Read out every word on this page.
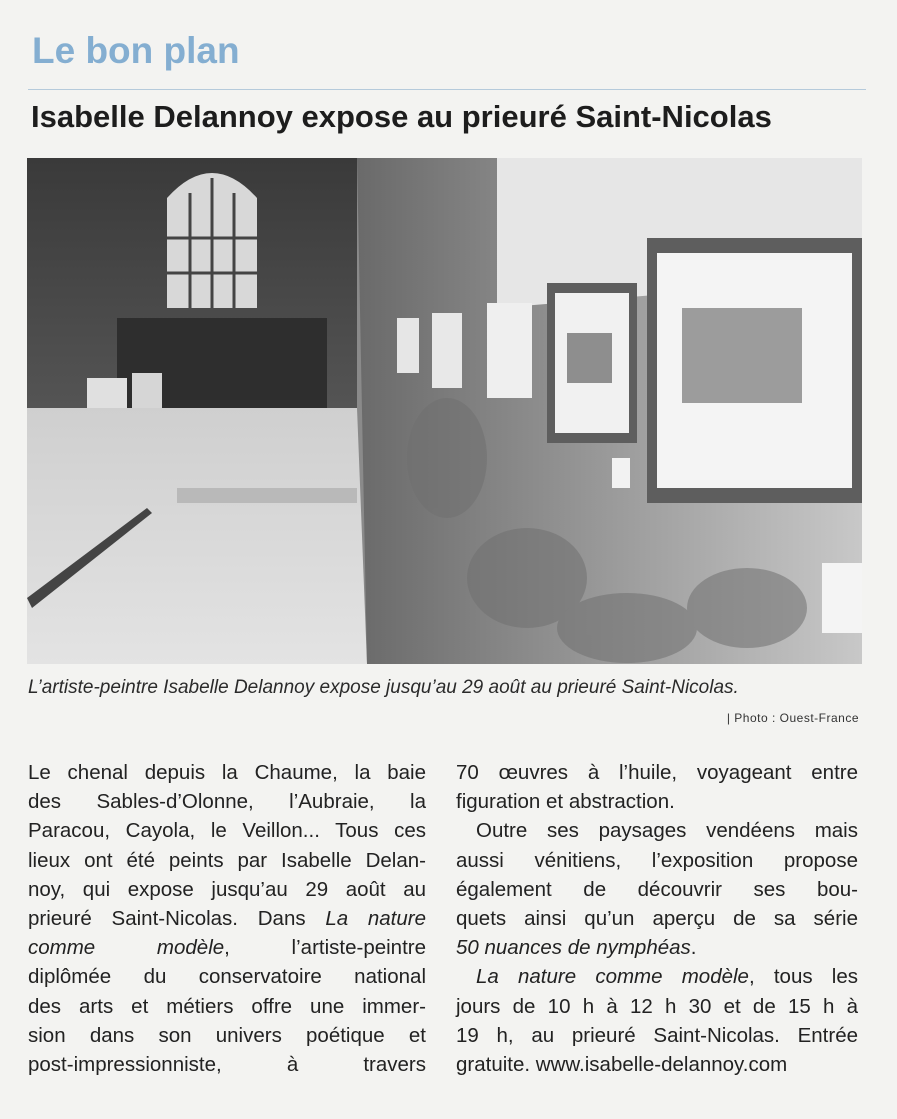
Le bon plan
Isabelle Delannoy expose au prieuré Saint-Nicolas
L’artiste-peintre Isabelle Delannoy expose jusqu’au 29 août au prieuré Saint-Nicolas.
| Photo : Ouest-France
Le chenal depuis la Chaume, la baie
des Sables-d’Olonne, l’Aubraie, la
Paracou, Cayola, le Veillon... Tous ces
lieux ont été peints par Isabelle Delan-
noy, qui expose jusqu’au 29 août au
prieuré Saint-Nicolas. Dans La nature
comme modèle, l’artiste-peintre
diplômée du conservatoire national
des arts et métiers offre une immer-
sion dans son univers poétique et
post-impressionniste, à travers
70 œuvres à l’huile, voyageant entre
figuration et abstraction.
Outre ses paysages vendéens mais
aussi vénitiens, l’exposition propose
également de découvrir ses bou-
quets ainsi qu’un aperçu de sa série
50 nuances de nymphéas.
La nature comme modèle, tous les
jours de 10 h à 12 h 30 et de 15 h à
19 h, au prieuré Saint-Nicolas. Entrée
gratuite. www.isabelle-delannoy.com
